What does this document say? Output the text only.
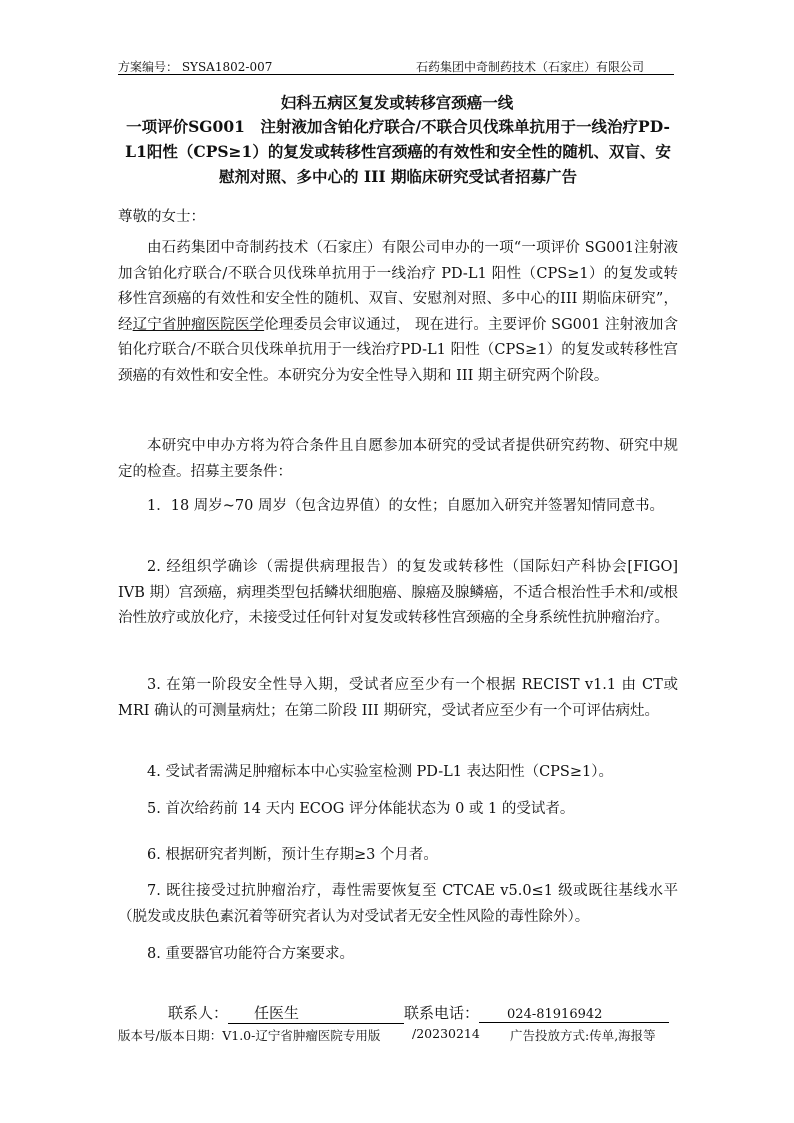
方案编号： SYSA1802-007	石药集团中奇制药技术（石家庄）有限公司
妇科五病区复发或转移宫颈癌一线
一项评价SG001　注射液加含铂化疗联合/不联合贝伐珠单抗用于一线治疗PD-L1阳性（CPS≥1）的复发或转移性宫颈癌的有效性和安全性的随机、双盲、安慰剂对照、多中心的 III 期临床研究受试者招募广告
尊敬的女士：
由石药集团中奇制药技术（石家庄）有限公司申办的一项“一项评价 SG001注射液加含铂化疗联合/不联合贝伐珠单抗用于一线治疗 PD-L1 阳性（CPS≥1）的复发或转移性宫颈癌的有效性和安全性的随机、双盲、安慰剂对照、多中心的III 期临床研究”， 经辽宁省肿瘤医院医学伦理委员会审议通过， 现在进行。主要评价 SG001 注射液加含铂化疗联合/不联合贝伐珠单抗用于一线治疗PD-L1 阳性（CPS≥1）的复发或转移性宫颈癌的有效性和安全性。本研究分为安全性导入期和 III 期主研究两个阶段。
本研究中申办方将为符合条件且自愿参加本研究的受试者提供研究药物、研究中规定的检查。招募主要条件：
1．18 周岁~70 周岁（包含边界值）的女性；自愿加入研究并签署知情同意书。
2. 经组织学确诊（需提供病理报告）的复发或转移性（国际妇产科协会[FIGO] IVB 期）宫颈癌，病理类型包括鳞状细胞癌、腺癌及腺鳞癌，不适合根治性手术和/或根治性放疗或放化疗，未接受过任何针对复发或转移性宫颈癌的全身系统性抗肿瘤治疗。
3. 在第一阶段安全性导入期，受试者应至少有一个根据 RECIST v1.1 由 CT或 MRI 确认的可测量病灶；在第二阶段 III 期研究，受试者应至少有一个可评估病灶。
4. 受试者需满足肿瘤标本中心实验室检测 PD-L1 表达阳性（CPS≥1）。
5. 首次给药前 14 天内 ECOG 评分体能状态为 0 或 1 的受试者。
6. 根据研究者判断，预计生存期≥3 个月者。
7. 既往接受过抗肿瘤治疗，毒性需要恢复至 CTCAE v5.0≤1 级或既往基线水平（脱发或皮肤色素沉着等研究者认为对受试者无安全性风险的毒性除外）。
8. 重要器官功能符合方案要求。
联系人： 任医生	联系电话： 024-81916942
版本号/版本日期：V1.0-辽宁省肿瘤医院专用版	/20230214 广告投放方式:传单,海报等
